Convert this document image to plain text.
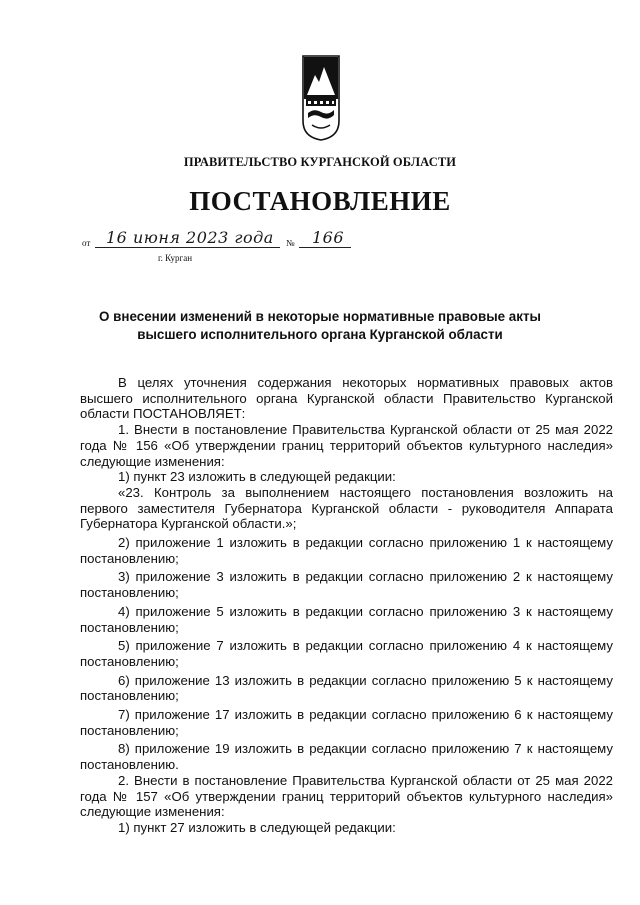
ПРАВИТЕЛЬСТВО КУРГАНСКОЙ ОБЛАСТИ
ПОСТАНОВЛЕНИЕ
от 16 июня 2023 года № 166
г. Курган
О внесении изменений в некоторые нормативные правовые акты высшего исполнительного органа Курганской области

В целях уточнения содержания некоторых нормативных правовых актов высшего исполнительного органа Курганской области Правительство Курганской области ПОСТАНОВЛЯЕТ:

1. Внести в постановление Правительства Курганской области от 25 мая 2022 года № 156 «Об утверждении границ территорий объектов культурного наследия» следующие изменения:

1) пункт 23 изложить в следующей редакции:

«23. Контроль за выполнением настоящего постановления возложить на первого заместителя Губернатора Курганской области - руководителя Аппарата Губернатора Курганской области.»;

2) приложение 1 изложить в редакции согласно приложению 1 к настоящему постановлению;

3) приложение 3 изложить в редакции согласно приложению 2 к настоящему постановлению;

4) приложение 5 изложить в редакции согласно приложению 3 к настоящему постановлению;

5) приложение 7 изложить в редакции согласно приложению 4 к настоящему постановлению;

6) приложение 13 изложить в редакции согласно приложению 5 к настоящему постановлению;

7) приложение 17 изложить в редакции согласно приложению 6 к настоящему постановлению;

8) приложение 19 изложить в редакции согласно приложению 7 к настоящему постановлению.

2. Внести в постановление Правительства Курганской области от 25 мая 2022 года № 157 «Об утверждении границ территорий объектов культурного наследия» следующие изменения:

1) пункт 27 изложить в следующей редакции:
